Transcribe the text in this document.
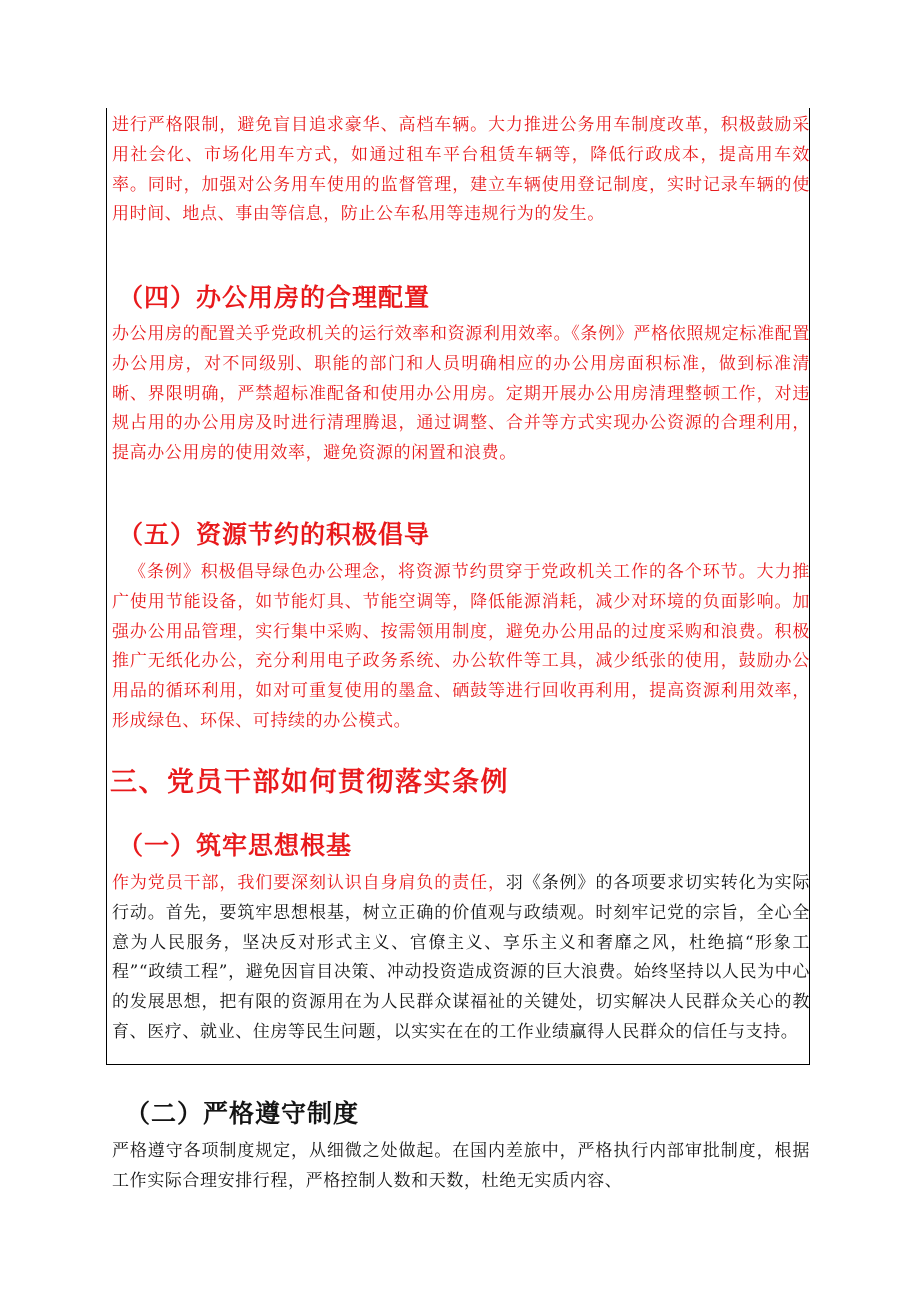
进行严格限制，避免盲目追求豪华、高档车辆。大力推进公务用车制度改革，积极鼓励采用社会化、市场化用车方式，如通过租车平台租赁车辆等，降低行政成本，提高用车效率。同时，加强对公务用车使用的监督管理，建立车辆使用登记制度，实时记录车辆的使用时间、地点、事由等信息，防止公车私用等违规行为的发生。

（四）办公用房的合理配置

办公用房的配置关乎党政机关的运行效率和资源利用效率。《条例》严格依照规定标准配置办公用房，对不同级别、职能的部门和人员明确相应的办公用房面积标准，做到标准清晰、界限明确，严禁超标准配备和使用办公用房。定期开展办公用房清理整顿工作，对违规占用的办公用房及时进行清理腾退，通过调整、合并等方式实现办公资源的合理利用，提高办公用房的使用效率，避免资源的闲置和浪费。

（五）资源节约的积极倡导

《条例》积极倡导绿色办公理念，将资源节约贯穿于党政机关工作的各个环节。大力推广使用节能设备，如节能灯具、节能空调等，降低能源消耗，减少对环境的负面影响。加强办公用品管理，实行集中采购、按需领用制度，避免办公用品的过度采购和浪费。积极推广无纸化办公，充分利用电子政务系统、办公软件等工具，减少纸张的使用，鼓励办公用品的循环利用，如对可重复使用的墨盒、硒鼓等进行回收再利用，提高资源利用效率，形成绿色、环保、可持续的办公模式。

三、党员干部如何贯彻落实条例
（一）筑牢思想根基

作为党员干部，我们要深刻认识自身肩负的责任，羽《条例》的各项要求切实转化为实际行动。首先，要筑牢思想根基，树立正确的价值观与政绩观。时刻牢记党的宗旨，全心全意为人民服务，坚决反对形式主义、官僚主义、享乐主义和奢靡之风，杜绝搞“形象工程”“政绩工程”，避免因盲目决策、冲动投资造成资源的巨大浪费。始终坚持以人民为中心的发展思想，把有限的资源用在为人民群众谋福祉的关键处，切实解决人民群众关心的教育、医疗、就业、住房等民生问题，以实实在在的工作业绩赢得人民群众的信任与支持。

（二）严格遵守制度

严格遵守各项制度规定，从细微之处做起。在国内差旅中，严格执行内部审批制度，根据工作实际合理安排行程，严格控制人数和天数，杜绝无实质内容、
